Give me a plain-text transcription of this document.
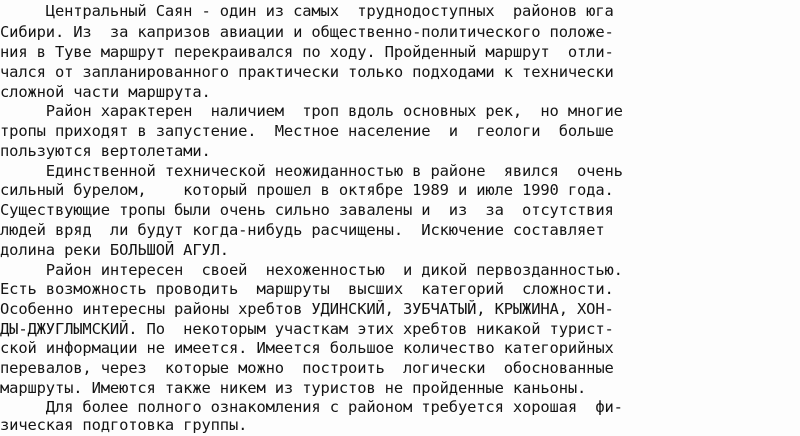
Центральный Саян - один из самых  труднодоступных  районов юга
Сибири. Из  за капризов авиации и общественно-политического положе-
ния в Туве маршрут перекраивался по ходу. Пройденный маршрут  отли-
чался от запланированного практически только подходами к технически
сложной части маршрута.
Район характерен  наличием  троп вдоль основных рек,  но многие
тропы приходят в запустение.  Местное население  и  геологи  больше
пользуются вертолетами.
Единственной технической неожиданностью в районе  явился  очень
сильный бурелом,    который прошел в октябре 1989 и июле 1990 года.
Существующие тропы были очень сильно завалены и  из  за  отсутствия
людей вряд  ли будут когда-нибудь расчищены.  Искючение составляет
долина реки БОЛЬШОЙ АГУЛ.
Район интересен  своей  нехоженностью  и дикой первозданностью.
Есть возможность проводить  маршруты  высших  категорий  сложности.
Особенно интересны районы хребтов УДИНСКИЙ, ЗУБЧАТЫЙ, КРЫЖИНА, ХОН-
ДЫ-ДЖУГЛЫМСКИЙ. По  некоторым участкам этих хребтов никакой турист-
ской информации не имеется. Имеется большое количество категорийных
перевалов, через  которые можно  построить  логически  обоснованные
маршруты. Имеются также никем из туристов не пройденные каньоны.
Для более полного ознакомления с районом требуется хорошая  фи-
зическая подготовка группы.
